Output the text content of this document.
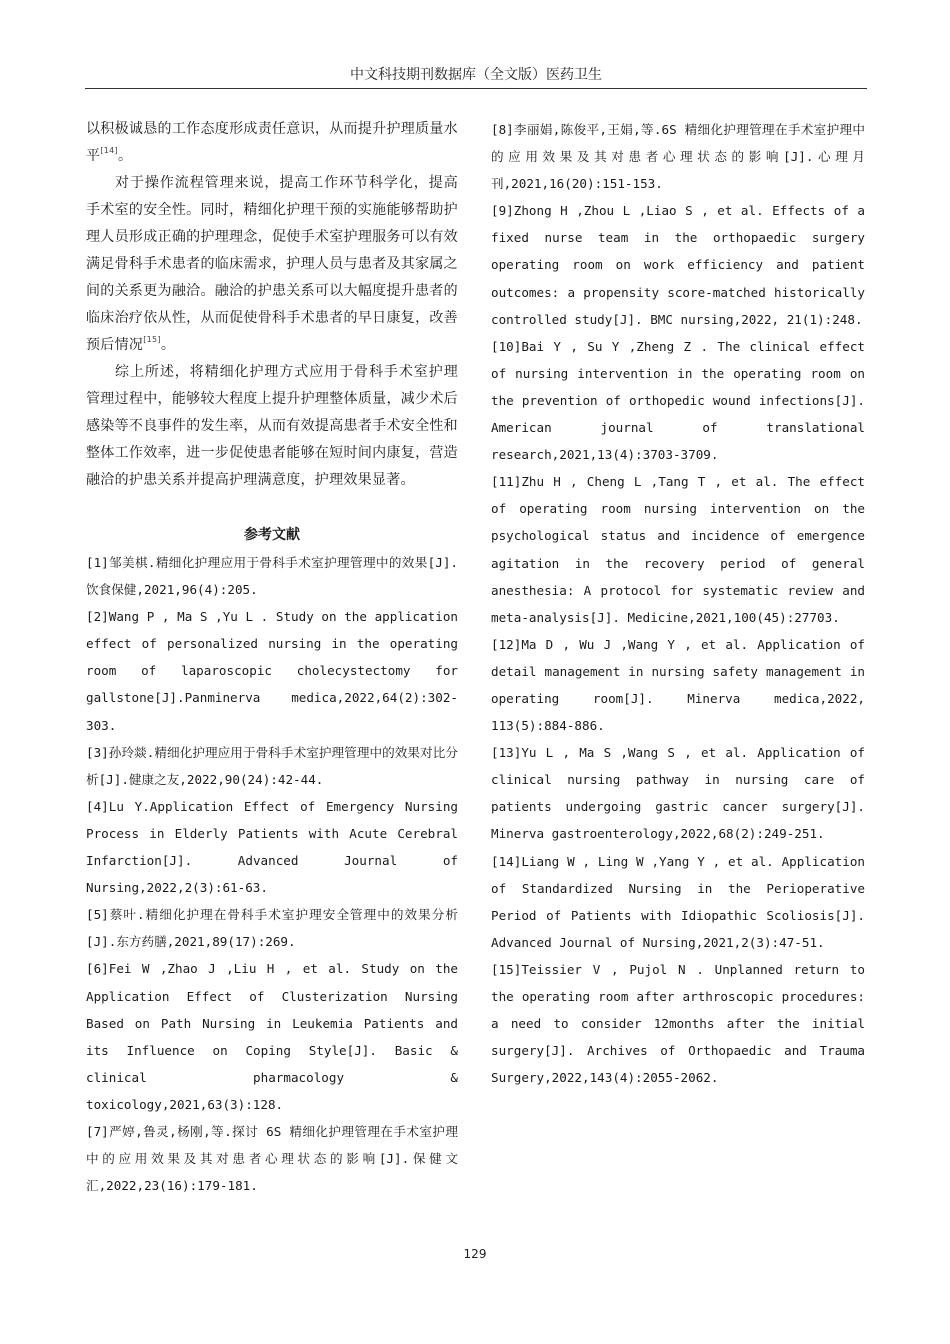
中文科技期刊数据库（全文版）医药卫生

以积极诚恳的工作态度形成责任意识，从而提升护理质量水平[14]。

对于操作流程管理来说，提高工作环节科学化，提高手术室的安全性。同时，精细化护理干预的实施能够帮助护理人员形成正确的护理理念，促使手术室护理服务可以有效满足骨科手术患者的临床需求，护理人员与患者及其家属之间的关系更为融洽。融洽的护患关系可以大幅度提升患者的临床治疗依从性，从而促使骨科手术患者的早日康复，改善预后情况[15]。

综上所述，将精细化护理方式应用于骨科手术室护理管理过程中，能够较大程度上提升护理整体质量，减少术后感染等不良事件的发生率，从而有效提高患者手术安全性和整体工作效率，进一步促使患者能够在短时间内康复，营造融洽的护患关系并提高护理满意度，护理效果显著。

参考文献

[1]邹美棋.精细化护理应用于骨科手术室护理管理中的效果[J].饮食保健,2021,96(4):205.

[2]Wang P , Ma S ,Yu L . Study on the application effect of personalized nursing in the operating room of laparoscopic cholecystectomy for gallstone[J].Panminerva medica,2022,64(2):302-303.

[3]孙玲燚.精细化护理应用于骨科手术室护理管理中的效果对比分析[J].健康之友,2022,90(24):42-44.

[4]Lu Y.Application Effect of Emergency Nursing Process in Elderly Patients with Acute Cerebral Infarction[J]. Advanced Journal of Nursing,2022,2(3):61-63.

[5]蔡叶.精细化护理在骨科手术室护理安全管理中的效果分析[J].东方药膳,2021,89(17):269.

[6]Fei W ,Zhao J ,Liu H , et al. Study on the Application Effect of Clusterization Nursing Based on Path Nursing in Leukemia Patients and its Influence on Coping Style[J]. Basic & clinical pharmacology & toxicology,2021,63(3):128.

[7]严婷,鲁灵,杨刚,等.探讨 6S 精细化护理管理在手术室护理中的应用效果及其对患者心理状态的影响[J].保健文汇,2022,23(16):179-181.

[8]李丽娟,陈俊平,王娟,等.6S 精细化护理管理在手术室护理中的应用效果及其对患者心理状态的影响[J].心理月刊,2021,16(20):151-153.

[9]Zhong H ,Zhou L ,Liao S , et al. Effects of a fixed nurse team in the orthopaedic surgery operating room on work efficiency and patient outcomes: a propensity score-matched historically controlled study[J]. BMC nursing,2022, 21(1):248.

[10]Bai Y , Su Y ,Zheng Z . The clinical effect of nursing intervention in the operating room on the prevention of orthopedic wound infections[J]. American journal of translational research,2021,13(4):3703-3709.

[11]Zhu H , Cheng L ,Tang T , et al. The effect of operating room nursing intervention on the psychological status and incidence of emergence agitation in the recovery period of general anesthesia: A protocol for systematic review and meta-analysis[J]. Medicine,2021,100(45):27703.

[12]Ma D , Wu J ,Wang Y , et al. Application of detail management in nursing safety management in operating room[J]. Minerva medica,2022, 113(5):884-886.

[13]Yu L , Ma S ,Wang S , et al. Application of clinical nursing pathway in nursing care of patients undergoing gastric cancer surgery[J]. Minerva gastroenterology,2022,68(2):249-251.

[14]Liang W , Ling W ,Yang Y , et al. Application of Standardized Nursing in the Perioperative Period of Patients with Idiopathic Scoliosis[J]. Advanced Journal of Nursing,2021,2(3):47-51.

[15]Teissier V , Pujol N . Unplanned return to the operating room after arthroscopic procedures: a need to consider 12months after the initial surgery[J]. Archives of Orthopaedic and Trauma Surgery,2022,143(4):2055-2062.

129
